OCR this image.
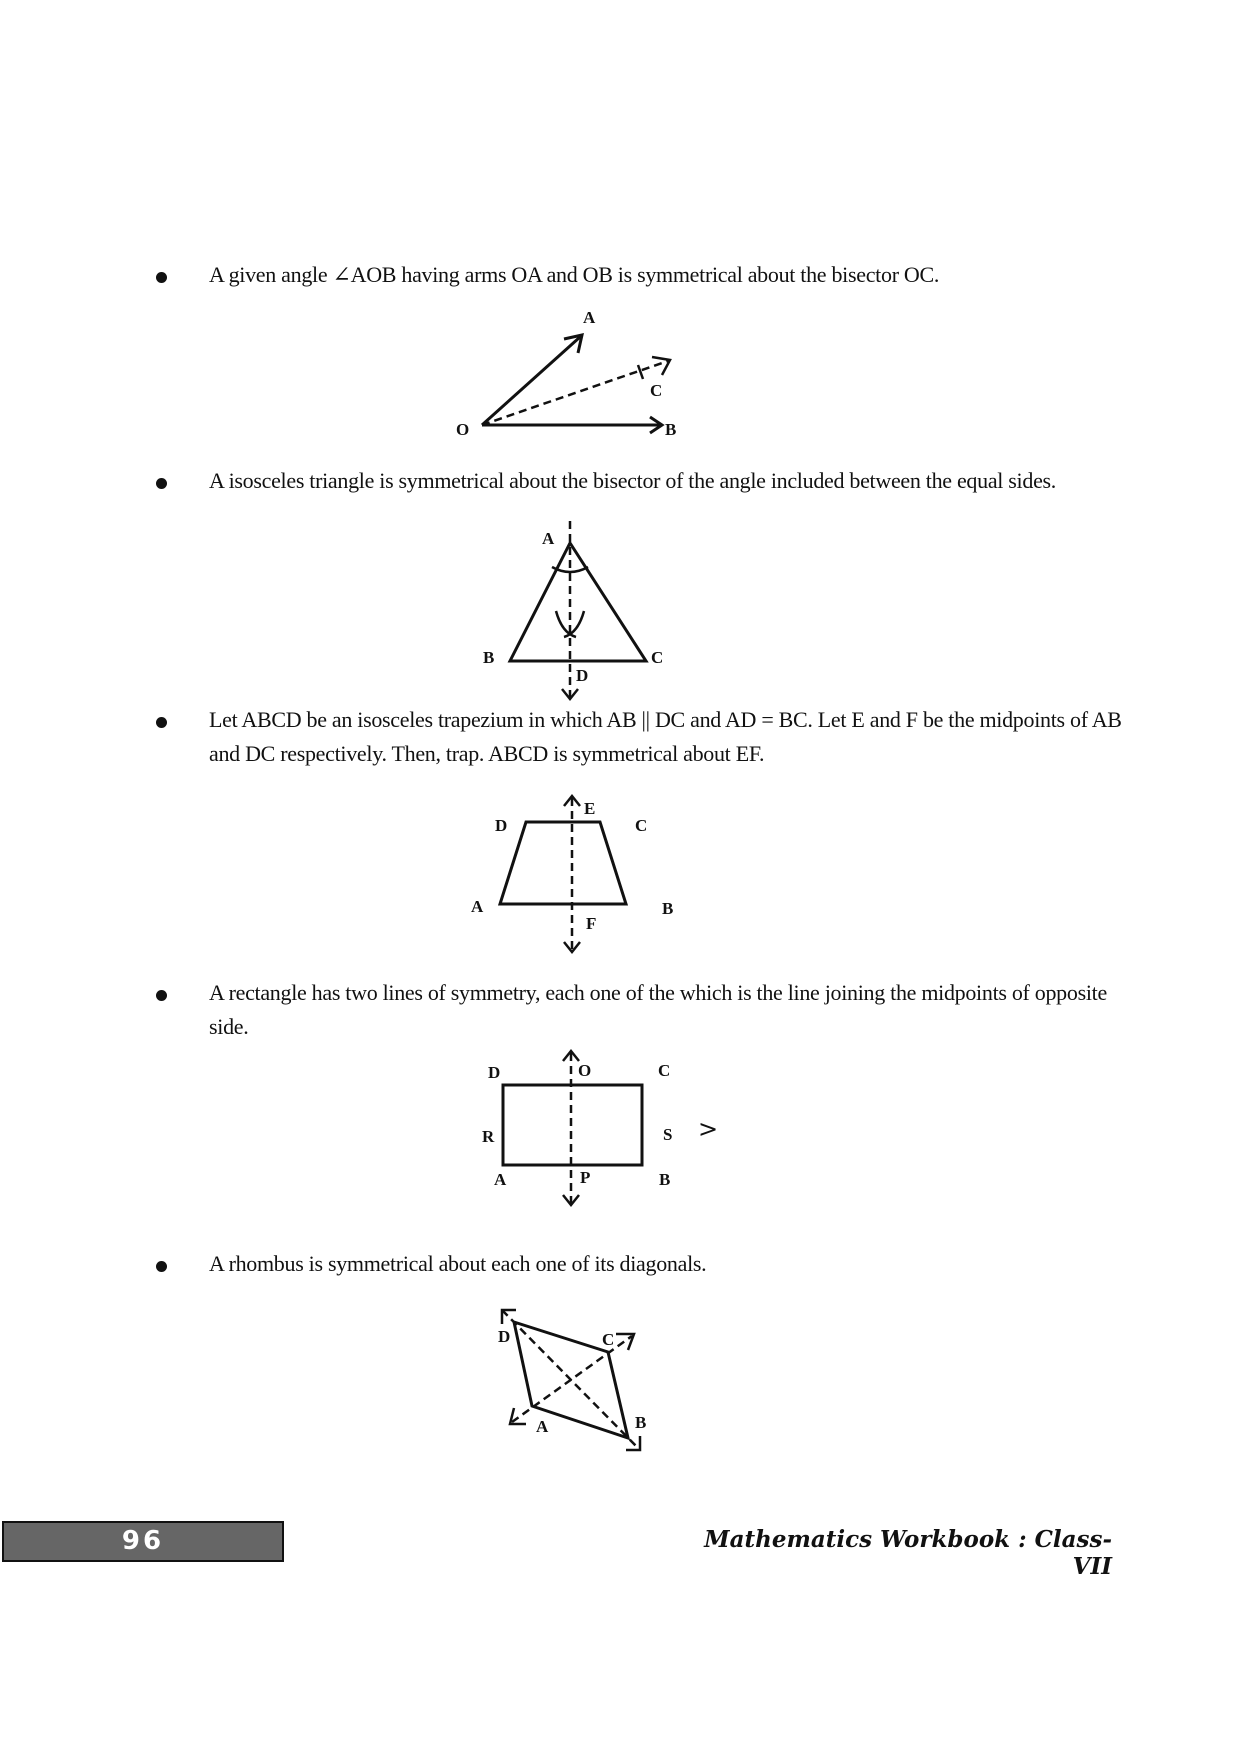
A given angle ∠AOB having arms OA and OB is symmetrical about the bisector OC.
A
O	B
C
A isosceles triangle is symmetrical about the bisector of the angle included between the equal sides.
A
B	C
D
Let ABCD be an isosceles trapezium in which AB || DC and AD = BC. Let E and F be the midpoints of AB and DC respectively. Then, trap. ABCD is symmetrical about EF.
E
D	C
A	B
F
A rectangle has two lines of symmetry, each one of the which is the line joining the midpoints of opposite side.
D	O	C
R	S
A	P	B
>
A rhombus is symmetrical about each one of its diagonals.
D	C
A	B
96	Mathematics Workbook : Class-VII
